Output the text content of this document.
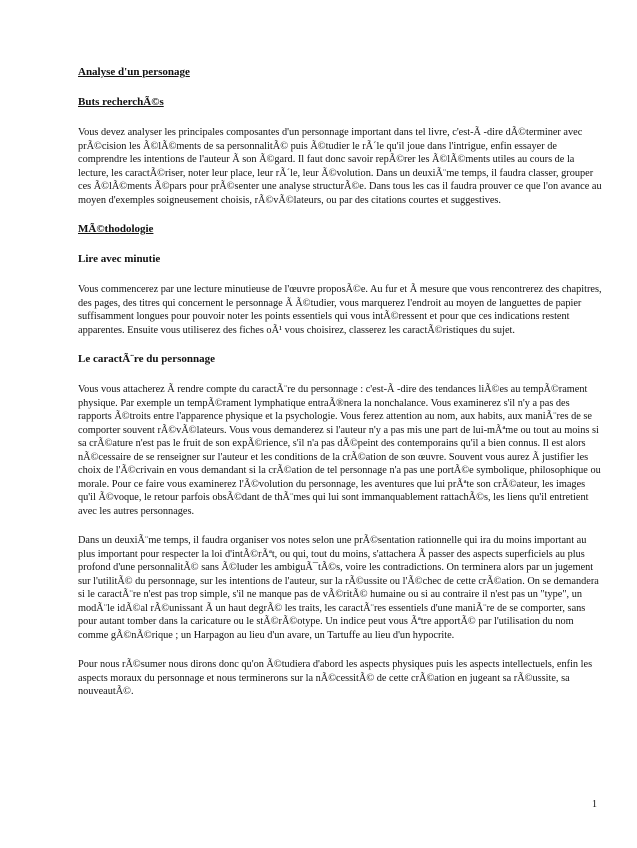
Analyse d'un personage
Buts recherchÃ©s

Vous devez analyser les principales composantes d'un personnage important dans tel livre, c'est-Ã -dire dÃ©terminer avec prÃ©cision les Ã©lÃ©ments de sa personnalitÃ© puis Ã©tudier le rÃ´le qu'il joue dans l'intrigue, enfin essayer de comprendre les intentions de l'auteur Ã son Ã©gard. Il faut donc savoir repÃ©rer les Ã©lÃ©ments utiles au cours de la lecture, les caractÃ©riser, noter leur place, leur rÃ´le, leur Ã©volution. Dans un deuxiÃ¨me temps, il faudra classer, grouper ces Ã©lÃ©ments Ã©pars pour prÃ©senter une analyse structurÃ©e. Dans tous les cas il faudra prouver ce que l'on avance au moyen d'exemples soigneusement choisis, rÃ©vÃ©lateurs, ou par des citations courtes et suggestives.

MÃ©thodologie
Lire avec minutie

Vous commencerez par une lecture minutieuse de l'œuvre proposÃ©e. Au fur et Ã mesure que vous rencontrerez des chapitres, des pages, des titres qui concernent le personnage Ã Ã©tudier, vous marquerez l'endroit au moyen de languettes de papier suffisamment longues pour pouvoir noter les points essentiels qui vous intÃ©ressent et pour que ces indications restent apparentes. Ensuite vous utiliserez des fiches oÃ¹ vous choisirez, classerez les caractÃ©ristiques du sujet.

Le caractÃ¨re du personnage

Vous vous attacherez Ã rendre compte du caractÃ¨re du personnage : c'est-Ã -dire des tendances liÃ©es au tempÃ©rament physique. Par exemple un tempÃ©rament lymphatique entraÃ®nera la nonchalance. Vous examinerez s'il n'y a pas des rapports Ã©troits entre l'apparence physique et la psychologie. Vous ferez attention au nom, aux habits, aux maniÃ¨res de se comporter souvent rÃ©vÃ©lateurs. Vous vous demanderez si l'auteur n'y a pas mis une part de lui-mÃªme ou tout au moins si sa crÃ©ature n'est pas le fruit de son expÃ©rience, s'il n'a pas dÃ©peint des contemporains qu'il a bien connus. Il est alors nÃ©cessaire de se renseigner sur l'auteur et les conditions de la crÃ©ation de son œuvre. Souvent vous aurez Ã justifier les choix de l'Ã©crivain en vous demandant si la crÃ©ation de tel personnage n'a pas une portÃ©e symbolique, philosophique ou morale. Pour ce faire vous examinerez l'Ã©volution du personnage, les aventures que lui prÃªte son crÃ©ateur, les images qu'il Ã©voque, le retour parfois obsÃ©dant de thÃ¨mes qui lui sont immanquablement rattachÃ©s, les liens qu'il entretient avec les autres personnages.

Dans un deuxiÃ¨me temps, il faudra organiser vos notes selon une prÃ©sentation rationnelle qui ira du moins important au plus important pour respecter la loi d'intÃ©rÃªt, ou qui, tout du moins, s'attachera Ã passer des aspects superficiels au plus profond d'une personnalitÃ© sans Ã©luder les ambiguÃ¯tÃ©s, voire les contradictions. On terminera alors par un jugement sur l'utilitÃ© du personnage, sur les intentions de l'auteur, sur la rÃ©ussite ou l'Ã©chec de cette crÃ©ation. On se demandera si le caractÃ¨re n'est pas trop simple, s'il ne manque pas de vÃ©ritÃ© humaine ou si au contraire il n'est pas un "type", un modÃ¨le idÃ©al rÃ©unissant Ã un haut degrÃ© les traits, les caractÃ¨res essentiels d'une maniÃ¨re de se comporter, sans pour autant tomber dans la caricature ou le stÃ©rÃ©otype. Un indice peut vous Ãªtre apportÃ© par l'utilisation du nom comme gÃ©nÃ©rique ; un Harpagon au lieu d'un avare, un Tartuffe au lieu d'un hypocrite.

Pour nous rÃ©sumer nous dirons donc qu'on Ã©tudiera d'abord les aspects physiques puis les aspects intellectuels, enfin les aspects moraux du personnage et nous terminerons sur la nÃ©cessitÃ© de cette crÃ©ation en jugeant sa rÃ©ussite, sa nouveautÃ©.

1
